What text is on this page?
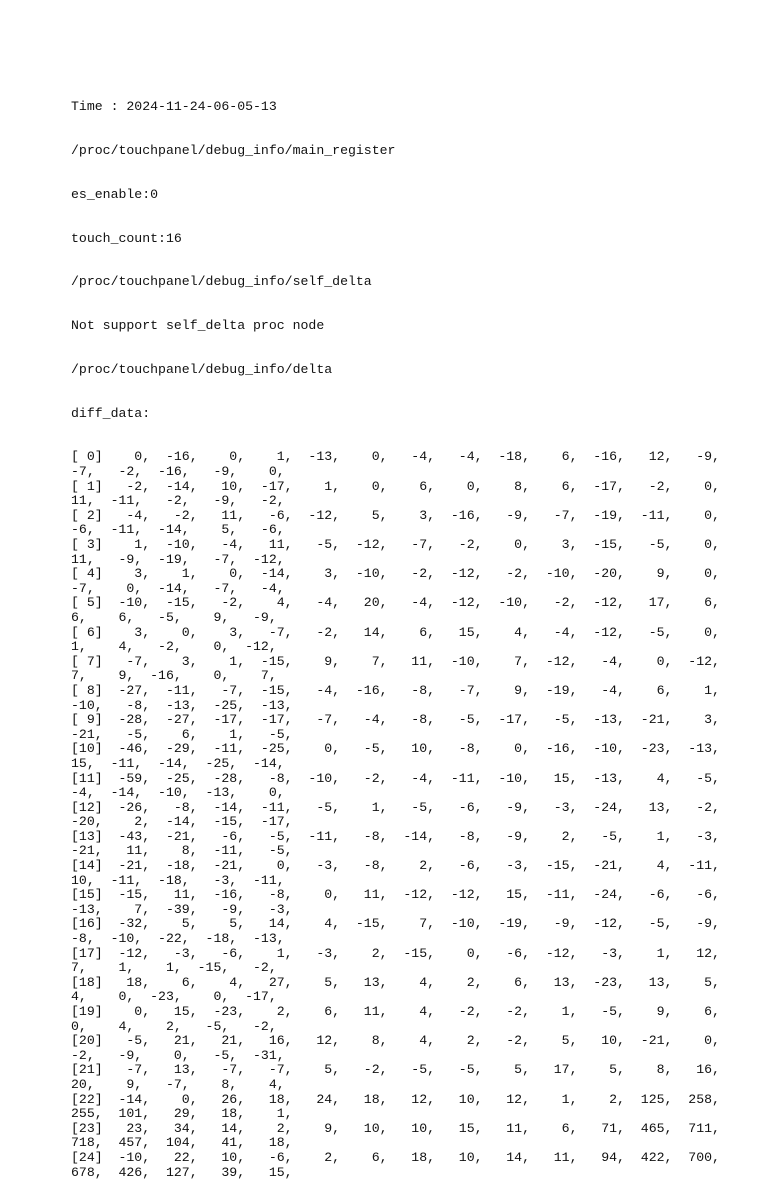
Time : 2024-11-24-06-05-13

/proc/touchpanel/debug_info/main_register

es_enable:0

touch_count:16

/proc/touchpanel/debug_info/self_delta

Not support self_delta proc node

/proc/touchpanel/debug_info/delta

diff_data:

[ 0]    0,  -16,    0,    1,  -13,    0,   -4,   -4,  -18,    6,  -16,   12,   -9,
-7,   -2,  -16,   -9,    0,
[ 1]   -2,  -14,   10,  -17,    1,    0,    6,    0,    8,    6,  -17,   -2,    0,
11,  -11,   -2,   -9,   -2,
[ 2]   -4,   -2,   11,   -6,  -12,    5,    3,  -16,   -9,   -7,  -19,  -11,    0,
-6,  -11,  -14,    5,   -6,
[ 3]    1,  -10,   -4,   11,   -5,  -12,   -7,   -2,    0,    3,  -15,   -5,    0,
11,   -9,  -19,   -7,  -12,
[ 4]    3,    1,    0,  -14,    3,  -10,   -2,  -12,   -2,  -10,  -20,    9,    0,
-7,    0,  -14,   -7,   -4,
[ 5]  -10,  -15,   -2,    4,   -4,   20,   -4,  -12,  -10,   -2,  -12,   17,    6,
6,    6,   -5,    9,   -9,
[ 6]    3,    0,    3,   -7,   -2,   14,    6,   15,    4,   -4,  -12,   -5,    0,
1,    4,   -2,    0,  -12,
[ 7]   -7,    3,    1,  -15,    9,    7,   11,  -10,    7,  -12,   -4,    0,  -12,
7,    9,  -16,    0,    7,
[ 8]  -27,  -11,   -7,  -15,   -4,  -16,   -8,   -7,    9,  -19,   -4,    6,    1,
-10,   -8,  -13,  -25,  -13,
[ 9]  -28,  -27,  -17,  -17,   -7,   -4,   -8,   -5,  -17,   -5,  -13,  -21,    3,
-21,   -5,    6,    1,   -5,
[10]  -46,  -29,  -11,  -25,    0,   -5,   10,   -8,    0,  -16,  -10,  -23,  -13,
15,  -11,  -14,  -25,  -14,
[11]  -59,  -25,  -28,   -8,  -10,   -2,   -4,  -11,  -10,   15,  -13,    4,   -5,
-4,  -14,  -10,  -13,    0,
[12]  -26,   -8,  -14,  -11,   -5,    1,   -5,   -6,   -9,   -3,  -24,   13,   -2,
-20,    2,  -14,  -15,  -17,
[13]  -43,  -21,   -6,   -5,  -11,   -8,  -14,   -8,   -9,    2,   -5,    1,   -3,
-21,   11,    8,  -11,   -5,
[14]  -21,  -18,  -21,    0,   -3,   -8,    2,   -6,   -3,  -15,  -21,    4,  -11,
10,  -11,  -18,   -3,  -11,
[15]  -15,   11,  -16,   -8,    0,   11,  -12,  -12,   15,  -11,  -24,   -6,   -6,
-13,    7,  -39,   -9,   -3,
[16]  -32,    5,    5,   14,    4,  -15,    7,  -10,  -19,   -9,  -12,   -5,   -9,
-8,  -10,  -22,  -18,  -13,
[17]  -12,   -3,   -6,    1,   -3,    2,  -15,    0,   -6,  -12,   -3,    1,   12,
7,    1,    1,  -15,   -2,
[18]   18,    6,    4,   27,    5,   13,    4,    2,    6,   13,  -23,   13,    5,
4,    0,  -23,    0,  -17,
[19]    0,   15,  -23,    2,    6,   11,    4,   -2,   -2,    1,   -5,    9,    6,
0,    4,    2,   -5,   -2,
[20]   -5,   21,   21,   16,   12,    8,    4,    2,   -2,    5,   10,  -21,    0,
-2,   -9,    0,   -5,  -31,
[21]   -7,   13,   -7,   -7,    5,   -2,   -5,   -5,    5,   17,    5,    8,   16,
20,    9,   -7,    8,    4,
[22]  -14,    0,   26,   18,   24,   18,   12,   10,   12,    1,    2,  125,  258,
255,  101,   29,   18,    1,
[23]   23,   34,   14,    2,    9,   10,   10,   15,   11,    6,   71,  465,  711,
718,  457,  104,   41,   18,
[24]  -10,   22,   10,   -6,    2,    6,   18,   10,   14,   11,   94,  422,  700,
678,  426,  127,   39,   15,
